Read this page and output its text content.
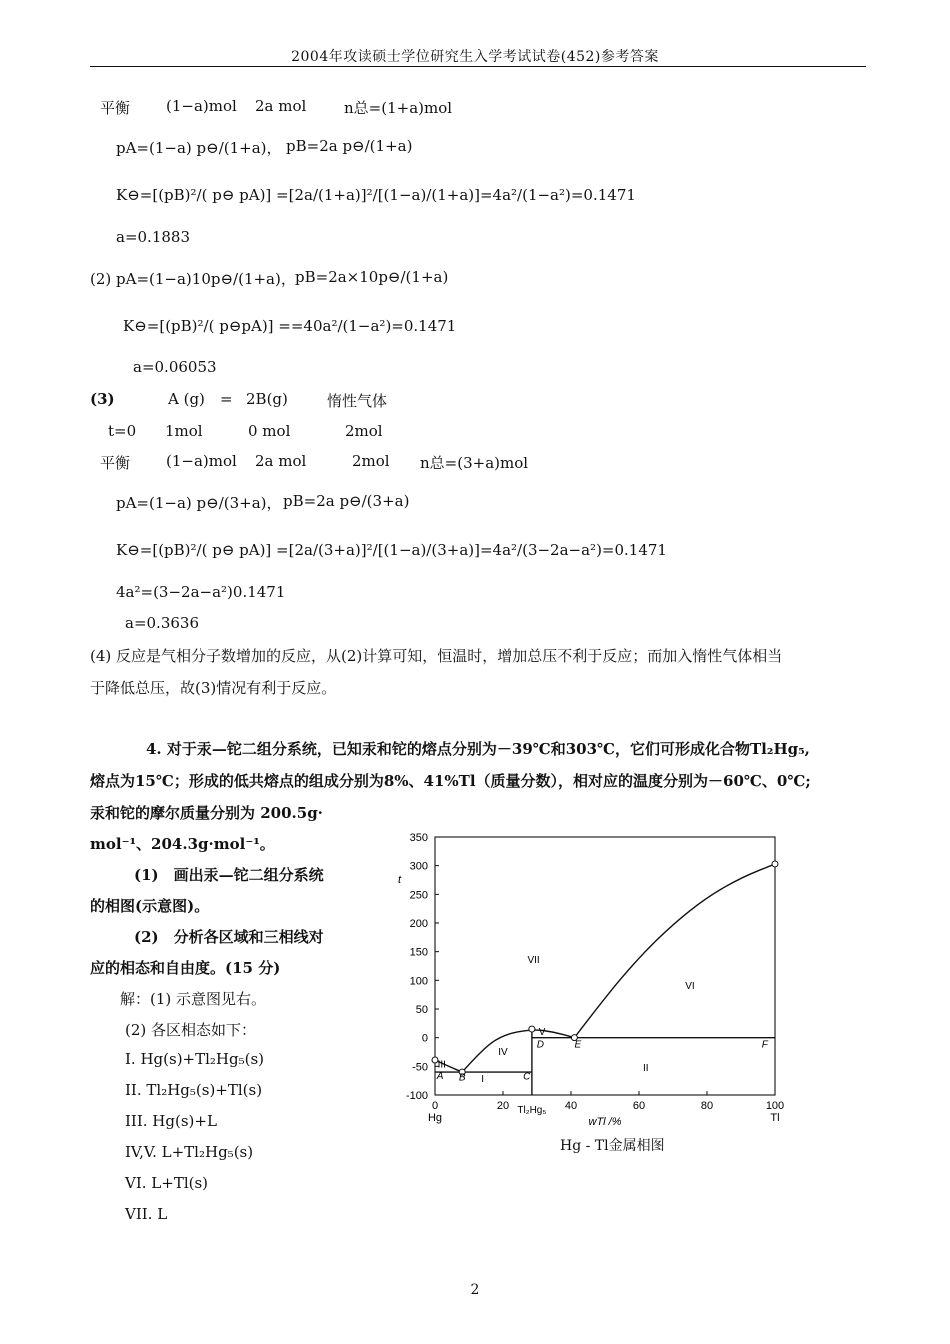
2004年攻读硕士学位研究生入学考试试卷(452)参考答案
平衡 (1−a)mol 2a mol	n总=(1+a)mol
pA=(1−a) p⊖/(1+a)， pB=2a p⊖/(1+a)
K⊖=[(pB)²/( p⊖ pA)] =[2a/(1+a)]²/[(1−a)/(1+a)]=4a²/(1−a²)=0.1471
a=0.1883
(2) pA=(1−a)10p⊖/(1+a)， pB=2a×10p⊖/(1+a)
K⊖=[(pB)²/( p⊖pA)] ==40a²/(1−a²)=0.1471
a=0.06053
(3)	A (g) = 2B(g)	惰性气体
t=0 1mol	0 mol	2mol
平衡 (1−a)mol 2a mol	2mol n总=(3+a)mol
pA=(1−a) p⊖/(3+a)， pB=2a p⊖/(3+a)
K⊖=[(pB)²/( p⊖ pA)] =[2a/(3+a)]²/[(1−a)/(3+a)]=4a²/(3−2a−a²)=0.1471
4a²=(3−2a−a²)0.1471
a=0.3636
(4) 反应是气相分子数增加的反应，从(2)计算可知，恒温时，增加总压不利于反应；而加入惰性气体相当
于降低总压，故(3)情况有利于反应。
4. 对于汞—铊二组分系统，已知汞和铊的熔点分别为－39℃和303℃，它们可形成化合物Tl₂Hg₅,
熔点为15℃；形成的低共熔点的组成分别为8%、41%Tl（质量分数），相对应的温度分别为－60℃、0℃;
汞和铊的摩尔质量分别为 200.5g·
mol⁻¹、204.3g·mol⁻¹。
(1)　画出汞—铊二组分系统
的相图(示意图)。
(2)　分析各区域和三相线对
应的相态和自由度。(15 分)
解：(1) 示意图见右。
(2) 各区相态如下：
I. Hg(s)+Tl₂Hg₅(s)
II. Tl₂Hg₅(s)+Tl(s)
III. Hg(s)+L
IV,V. L+Tl₂Hg₅(s)
VI. L+Tl(s)
VII. L
-100
-50
0
50
100
150
200
250
300
350
0	20	40	60	80	100
Hg	Tl
Tl₂Hg₅
wTl /%
t
A B	C
D	E	F
I
II
III
IV
V
VI
VII
Hg - Tl金属相图
2
